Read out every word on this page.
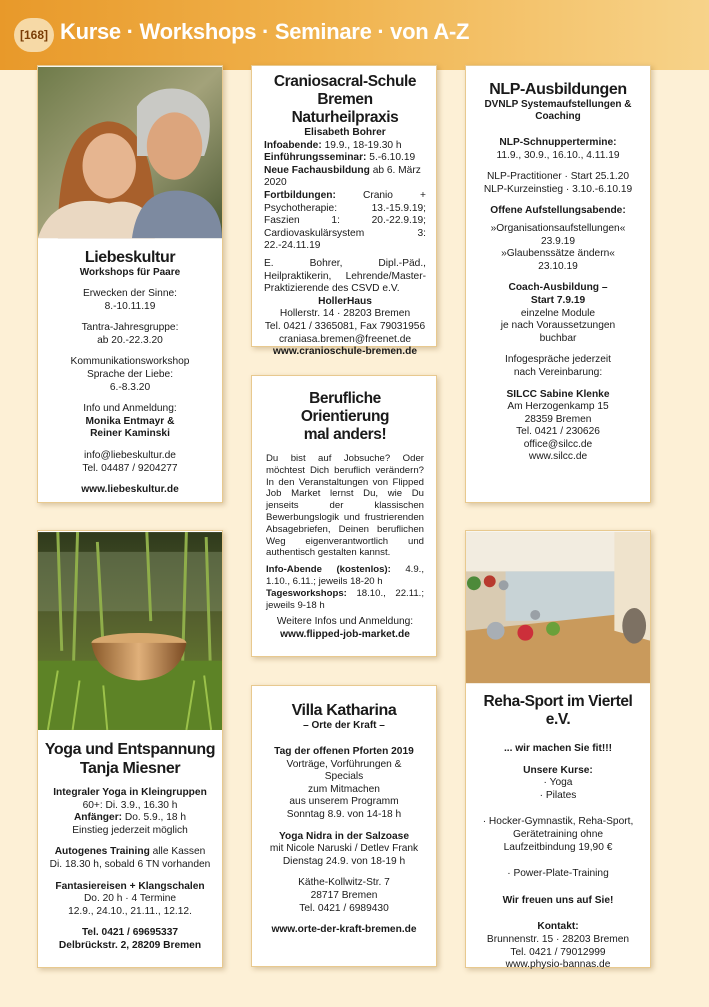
[168] Kurse · Workshops · Seminare · von A-Z

Liebeskultur

Workshops für Paare

Erwecken der Sinne:

8.-10.11.19

Tantra-Jahresgruppe:

ab 20.-22.3.20

Kommunikationsworkshop

Sprache der Liebe:

6.-8.3.20

Info und Anmeldung:

Monika Entmayr &

Reiner Kaminski

info@liebeskultur.de

Tel. 04487 / 9204277

www.liebeskultur.de

Craniosacral-Schule Bremen

Naturheilpraxis

Elisabeth Bohrer

Infoabende: 19.9., 18-19.30 h

Einführungsseminar: 5.-6.10.19

Neue Fachausbildung ab 6. März 2020

Fortbildungen: Cranio + Psychotherapie: 13.-15.9.19; Faszien 1: 20.-22.9.19; Cardiovaskulärsystem 3: 22.-24.11.19

E. Bohrer, Dipl.-Päd., Heilpraktikerin, Lehrende/Master-Praktizierende des CSVD e.V.

HollerHaus

Hollerstr. 14 · 28203 Bremen

Tel. 0421 / 3365081, Fax 79031956

craniasa.bremen@freenet.de

www.cranioschule-bremen.de

NLP-Ausbildungen

DVNLP Systemaufstellungen &

Coaching

NLP-Schnuppertermine:

11.9., 30.9., 16.10., 4.11.19

NLP-Practitioner · Start 25.1.20

NLP-Kurzeinstieg · 3.10.-6.10.19

Offene Aufstellungsabende:

»Organisationsaufstellungen«

23.9.19

»Glaubenssätze ändern«

23.10.19

Coach-Ausbildung –

Start 7.9.19

einzelne Module

je nach Voraussetzungen

buchbar

Infogespräche jederzeit

nach Vereinbarung:

SILCC Sabine Klenke

Am Herzogenkamp 15

28359 Bremen

Tel. 0421 / 230626

office@silcc.de

www.silcc.de

Berufliche Orientierung

mal anders!

Du bist auf Jobsuche? Oder möchtest Dich beruflich verändern? In den Veranstaltungen von Flipped Job Market lernst Du, wie Du jenseits der klassischen Bewerbungslogik und frustrierenden Absagebriefen, Deinen beruflichen Weg eigenverantwortlich und authentisch gestalten kannst.

Info-Abende (kostenlos): 4.9., 1.10., 6.11.; jeweils 18-20 h

Tagesworkshops: 18.10., 22.11.; jeweils 9-18 h

Weitere Infos und Anmeldung:

www.flipped-job-market.de

Yoga und Entspannung

Tanja Miesner

Integraler Yoga in Kleingruppen

60+: Di. 3.9., 16.30 h

Anfänger: Do. 5.9., 18 h

Einstieg jederzeit möglich

Autogenes Training alle Kassen

Di. 18.30 h, sobald 6 TN vorhanden

Fantasiereisen + Klangschalen

Do. 20 h · 4 Termine

12.9., 24.10., 21.11., 12.12.

Tel. 0421 / 69695337

Delbrückstr. 2, 28209 Bremen

Villa Katharina

– Orte der Kraft –

Tag der offenen Pforten 2019

Vorträge, Vorführungen &

Specials

zum Mitmachen

aus unserem Programm

Sonntag 8.9. von 14-18 h

Yoga Nidra in der Salzoase

mit Nicole Naruski / Detlev Frank

Dienstag 24.9. von 18-19 h

Käthe-Kollwitz-Str. 7

28717 Bremen

Tel. 0421 / 6989430

www.orte-der-kraft-bremen.de

Reha-Sport im Viertel e.V.

... wir machen Sie fit!!!

Unsere Kurse:

· Yoga

· Pilates

· Hocker-Gymnastik, Reha-Sport,

Gerätetraining ohne

Laufzeitbindung 19,90 €

· Power-Plate-Training

Wir freuen uns auf Sie!

Kontakt:

Brunnenstr. 15 · 28203 Bremen

Tel. 0421 / 79012999

www.physio-bannas.de
